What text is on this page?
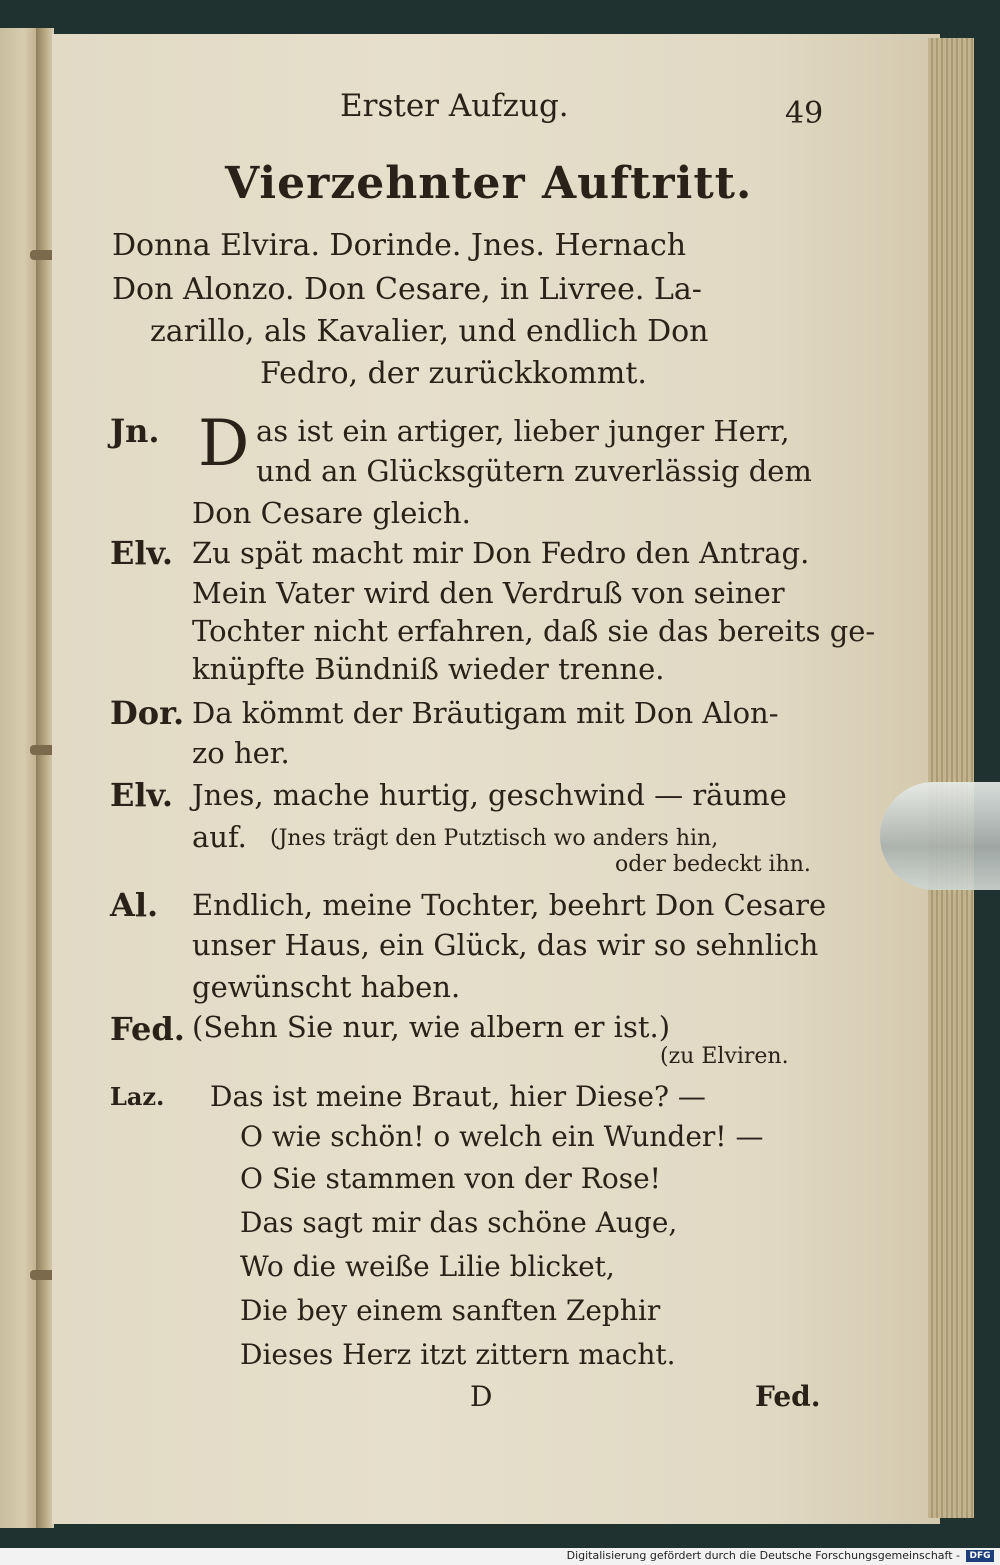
Erster Aufzug.	49
Vierzehnter Auftritt.
Donna Elvira. Dorinde. Jnes. Hernach
Don Alonzo. Don Cesare, in Livree. La-
zarillo, als Kavalier, und endlich Don
Fedro, der zurückkommt.
Jn. D as ist ein artiger, lieber junger Herr,
und an Glücksgütern zuverlässig dem
Don Cesare gleich.
Elv. Zu spät macht mir Don Fedro den Antrag.
Mein Vater wird den Verdruß von seiner
Tochter nicht erfahren, daß sie das bereits ge-
knüpfte Bündniß wieder trenne.
Dor. Da kömmt der Bräutigam mit Don Alon-
zo her.
Elv. Jnes, mache hurtig, geschwind — räume
auf. (Jnes trägt den Putztisch wo anders hin,
oder bedeckt ihn.
Al. Endlich, meine Tochter, beehrt Don Cesare
unser Haus, ein Glück, das wir so sehnlich
gewünscht haben.
Fed. (Sehn Sie nur, wie albern er ist.)
(zu Elviren.
Laz. Das ist meine Braut, hier Diese? —
O wie schön! o welch ein Wunder! —
O Sie stammen von der Rose!
Das sagt mir das schöne Auge,
Wo die weiße Lilie blicket,
Die bey einem sanften Zephir
Dieses Herz itzt zittern macht.
D	Fed.
Digitalisierung gefördert durch die Deutsche Forschungsgemeinschaft -	DFG
